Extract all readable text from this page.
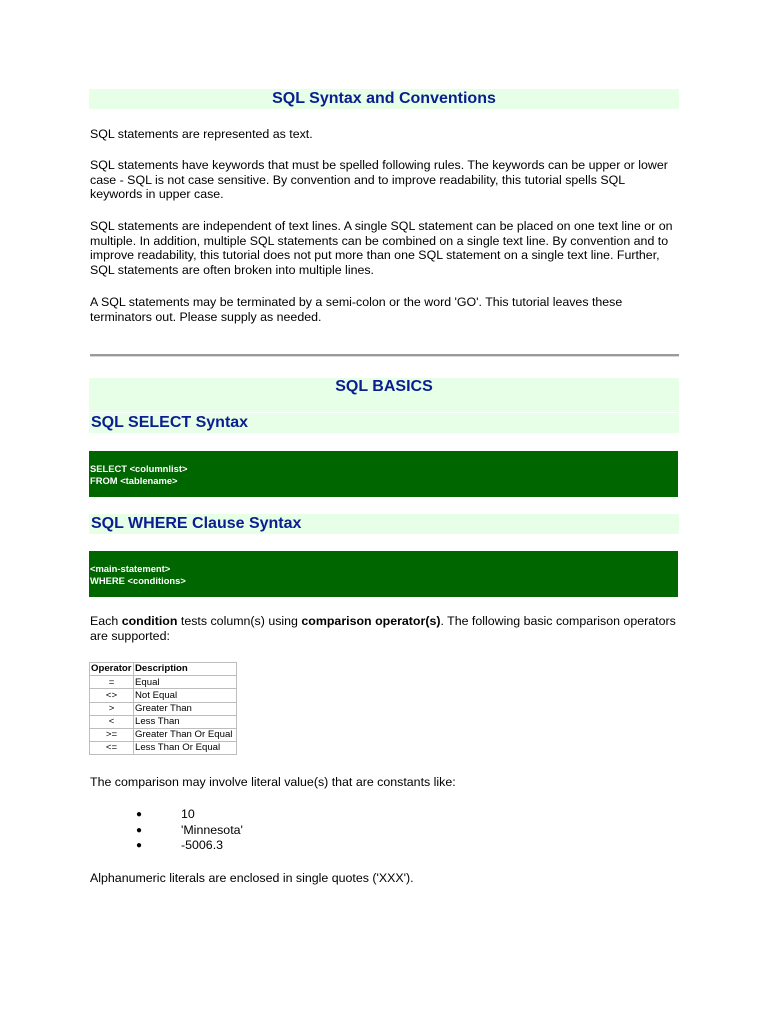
SQL Syntax and Conventions

SQL statements are represented as text.

SQL statements have keywords that must be spelled following rules. The keywords can be upper or lower case - SQL is not case sensitive. By convention and to improve readability, this tutorial spells SQL keywords in upper case.

SQL statements are independent of text lines. A single SQL statement can be placed on one text line or on multiple. In addition, multiple SQL statements can be combined on a single text line. By convention and to improve readability, this tutorial does not put more than one SQL statement on a single text line. Further, SQL statements are often broken into multiple lines.

A SQL statements may be terminated by a semi-colon or the word 'GO'. This tutorial leaves these terminators out. Please supply as needed.

SQL BASICS
SQL SELECT Syntax
SELECT <columnlist>
FROM <tablename>
SQL WHERE Clause Syntax
<main-statement>
WHERE <conditions>
Each condition tests column(s) using comparison operator(s). The following basic comparison operators are supported:
Operator	Description
=	Equal
<>	Not Equal
>	Greater Than
<	Less Than
>=	Greater Than Or Equal
<=	Less Than Or Equal
The comparison may involve literal value(s) that are constants like:
●	10
●	'Minnesota'
●	-5006.3
Alphanumeric literals are enclosed in single quotes ('XXX').
